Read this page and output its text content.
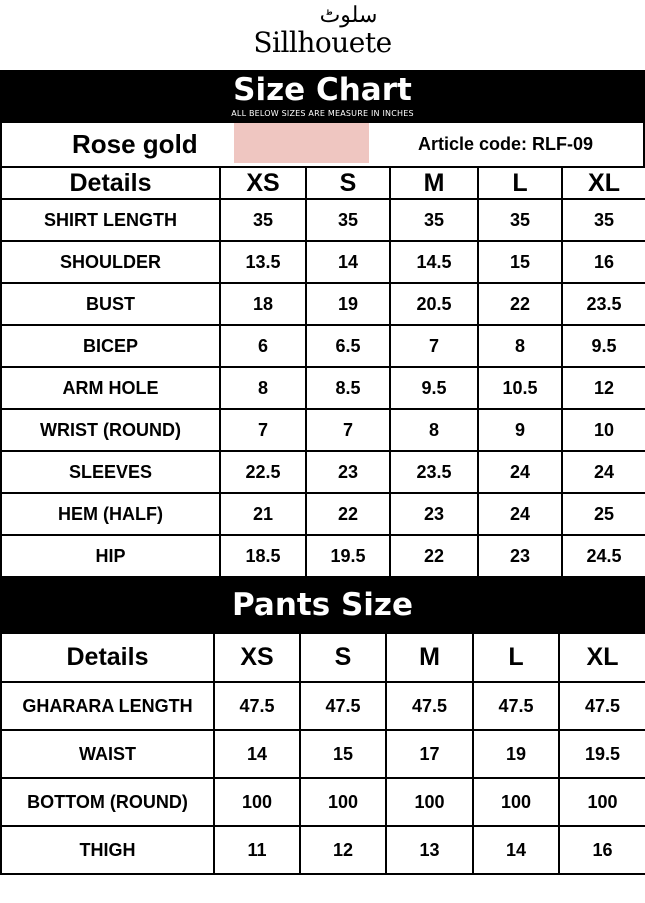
سلوٹ
Sillhouete
Size Chart
ALL BELOW SIZES ARE MEASURE IN INCHES
Rose gold	Article code: RLF-09
Details	XS	S	M	L	XL
SHIRT LENGTH	35	35	35	35	35
SHOULDER	13.5	14	14.5	15	16
BUST	18	19	20.5	22	23.5
BICEP	6	6.5	7	8	9.5
ARM HOLE	8	8.5	9.5	10.5	12
WRIST (ROUND)	7	7	8	9	10
SLEEVES	22.5	23	23.5	24	24
HEM (HALF)	21	22	23	24	25
HIP	18.5	19.5	22	23	24.5
Pants Size
Details	XS	S	M	L	XL
GHARARA LENGTH	47.5	47.5	47.5	47.5	47.5
WAIST	14	15	17	19	19.5
BOTTOM (ROUND)	100	100	100	100	100
THIGH	11	12	13	14	16
